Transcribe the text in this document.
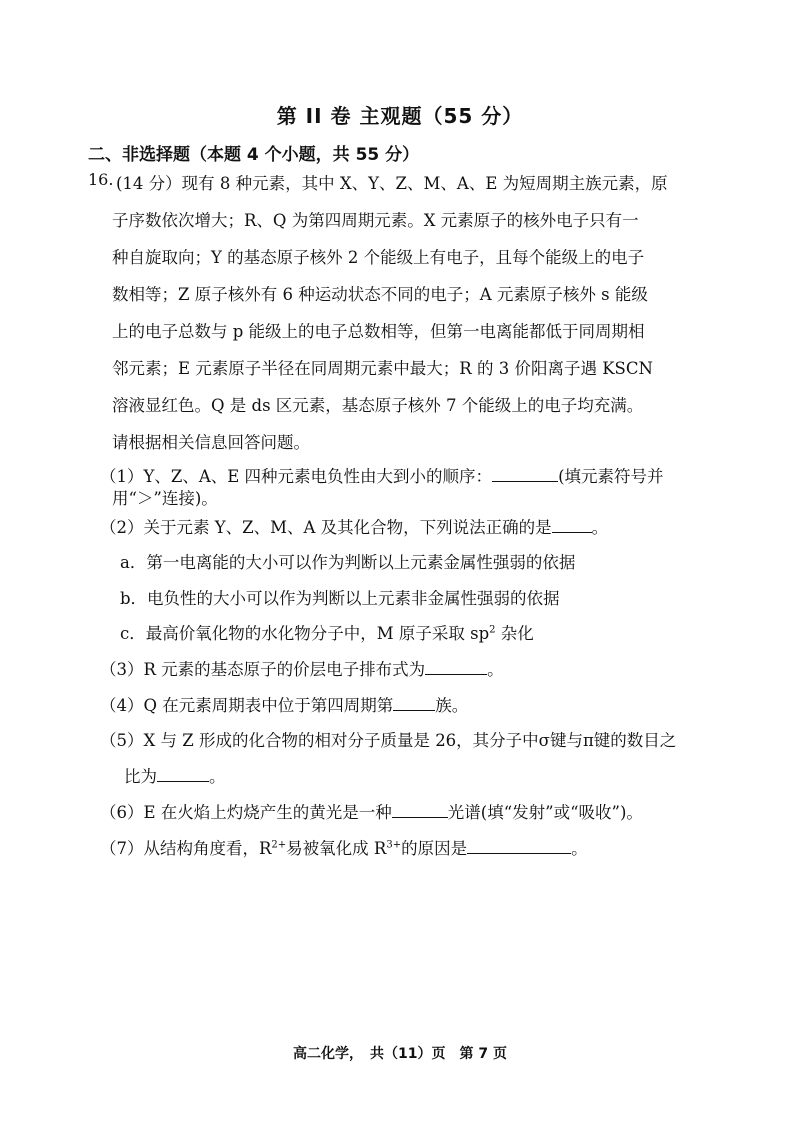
第 II 卷 主观题（55 分）
二、非选择题（本题 4 个小题，共 55 分）
16. (14 分）现有 8 种元素，其中 X、Y、Z、M、A、E 为短周期主族元素，原
子序数依次增大；R、Q 为第四周期元素。X 元素原子的核外电子只有一
种自旋取向；Y 的基态原子核外 2 个能级上有电子，且每个能级上的电子
数相等；Z 原子核外有 6 种运动状态不同的电子；A 元素原子核外 s 能级
上的电子总数与 p 能级上的电子总数相等，但第一电离能都低于同周期相
邻元素；E 元素原子半径在同周期元素中最大；R 的 3 价阳离子遇 KSCN
溶液显红色。Q 是 ds 区元素，基态原子核外 7 个能级上的电子均充满。
请根据相关信息回答问题。
（1）Y、Z、A、E 四种元素电负性由大到小的顺序：	(填元素符号并
用“＞”连接)。
（2）关于元素 Y、Z、M、A 及其化合物，下列说法正确的是 。
a．第一电离能的大小可以作为判断以上元素金属性强弱的依据
b．电负性的大小可以作为判断以上元素非金属性强弱的依据
c．最高价氧化物的水化物分子中，M 原子采取 $sp^2$ 杂化
（3）R 元素的基态原子的价层电子排布式为	。
（4）Q 在元素周期表中位于第四周期第	族。
（5）X 与 Z 形成的化合物的相对分子质量是 26，其分子中σ键与π键的数目之
比为	。
（6）E 在火焰上灼烧产生的黄光是一种	光谱(填“发射”或“吸收”)。
（7）从结构角度看，$R^{2+}$易被氧化成 $R^{3+}$的原因是	。
高二化学，　共（11）页　第 7 页
